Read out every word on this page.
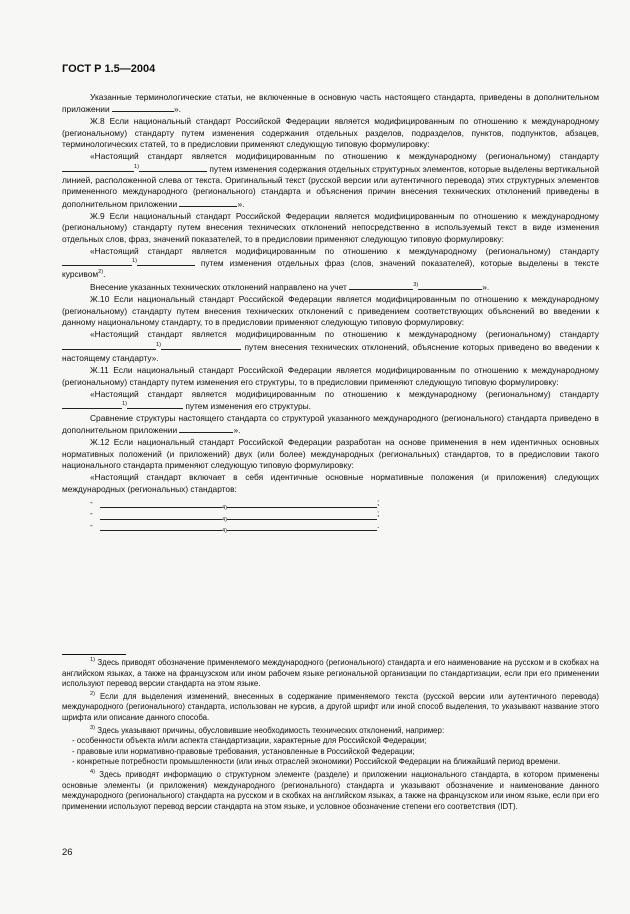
ГОСТ Р 1.5—2004

Указанные терминологические статьи, не включенные в основную часть настоящего стандарта, приведены в дополнительном приложении	».

Ж.8 Если национальный стандарт Российской Федерации является модифицированным по отношению к международному (региональному) стандарту путем изменения содержания отдельных разделов, подразделов, пунктов, подпунктов, абзацев, терминологических статей, то в предисловии применяют следующую типовую формулировку:

«Настоящий стандарт является модифицированным по отношению к международному (региональному) стандарту $^{1)}$	путем изменения содержания отдельных структурных элементов, которые выделены вертикальной линией, расположенной слева от текста. Оригинальный текст (русской версии или аутентичного перевода) этих структурных элементов примененного международного (регионального) стандарта и объяснения причин внесения технических отклонений приведены в дополнительном приложении	».

Ж.9 Если национальный стандарт Российской Федерации является модифицированным по отношению к международному (региональному) стандарту путем внесения технических отклонений непосредственно в используемый текст в виде изменения отдельных слов, фраз, значений показателей, то в предисловии применяют следующую типовую формулировку:

«Настоящий стандарт является модифицированным по отношению к международному (региональному) стандарту $^{1)}$	путем изменения отдельных фраз (слов, значений показателей), которые выделены в тексте курсивом$^{2)}$.

Внесение указанных технических отклонений направлено на учет	$^{3)}$	».

Ж.10 Если национальный стандарт Российской Федерации является модифицированным по отношению к международному (региональному) стандарту путем внесения технических отклонений с приведением соответствующих объяснений во введении к данному национальному стандарту, то в предисловии применяют следующую типовую формулировку:

«Настоящий стандарт является модифицированным по отношению к международному (региональному) стандарту $^{1)}$	путем внесения технических отклонений, объяснение которых приведено во введении к настоящему стандарту».

Ж.11 Если национальный стандарт Российской Федерации является модифицированным по отношению к международному (региональному) стандарту путем изменения его структуры, то в предисловии применяют следующую типовую формулировку:

«Настоящий стандарт является модифицированным по отношению к международному (региональному) стандарту $^{1)}$	путем изменения его структуры.

Сравнение структуры настоящего стандарта со структурой указанного международного (регионального) стандарта приведено в дополнительном приложении	».

Ж.12 Если национальный стандарт Российской Федерации разработан на основе применения в нем идентичных основных нормативных положений (и приложений) двух (или более) международных (региональных) стандартов, то в предисловии такого национального стандарта применяют следующую типовую формулировку:

«Настоящий стандарт включает в себя идентичные основные нормативные положения (и приложения) следующих международных (региональных) стандартов:

-
4)
;
-
4)
;
-
4)
.

$^{1)}$ Здесь приводят обозначение применяемого международного (регионального) стандарта и его наименование на русском и в скобках на английском языках, а также на французском или ином рабочем языке региональной организации по стандартизации, если при его применении используют перевод версии стандарта на этом языке.

$^{2)}$ Если для выделения изменений, внесенных в содержание применяемого текста (русской версии или аутентичного перевода) международного (регионального) стандарта, использован не курсив, а другой шрифт или иной способ выделения, то указывают название этого шрифта или описание данного способа.

$^{3)}$ Здесь указывают причины, обусловившие необходимость технических отклонений, например:

- особенности объекта и/или аспекта стандартизации, характерные для Российской Федерации;

- правовые или нормативно-правовые требования, установленные в Российской Федерации;

- конкретные потребности промышленности (или иных отраслей экономики) Российской Федерации на ближайший период времени.

$^{4)}$ Здесь приводят информацию о структурном элементе (разделе) и приложении национального стандарта, в котором применены основные элементы (и приложения) международного (регионального) стандарта и указывают обозначение и наименование данного международного (регионального) стандарта на русском и в скобках на английском языках, а также на французском или ином языке, если при его применении используют перевод версии стандарта на этом языке, и условное обозначение степени его соответствия (IDT).

26
